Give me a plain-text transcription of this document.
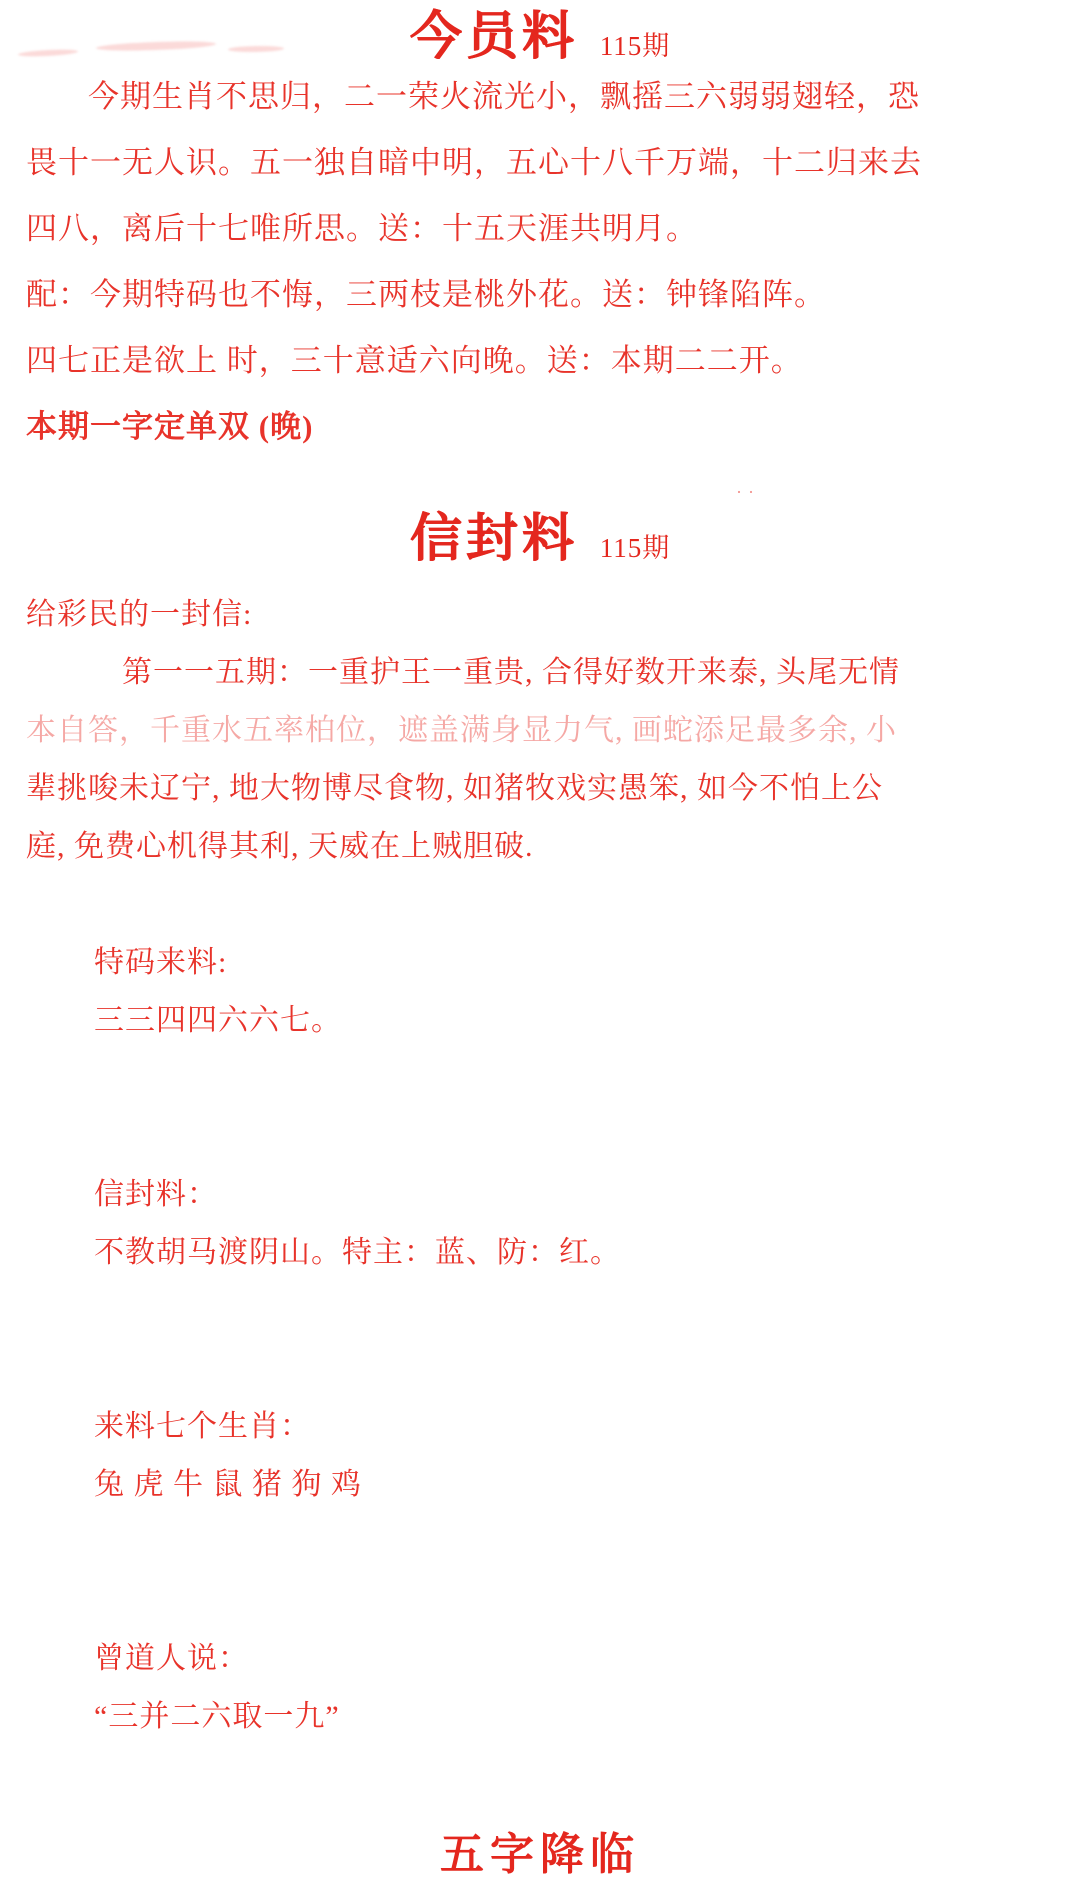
··
今员料 115期
今期生肖不思归，二一荣火流光小，飘摇三六弱弱翅轻，恐
畏十一无人识。五一独自暗中明，五心十八千万端，十二归来去
四八，离后十七唯所思。送：十五天涯共明月。
配：今期特码也不悔，三两枝是桃外花。送：钟锋陷阵。
四七正是欲上 时，三十意适六向晚。送：本期二二开。
本期一字定单双 (晚)
信封料 115期
给彩民的一封信:
第一一五期：一重护王一重贵, 合得好数开来泰, 头尾无情
本自答，千重水五率柏位，遮盖满身显力气, 画蛇添足最多余, 小
辈挑唆未辽宁, 地大物博尽食物, 如猪牧戏实愚笨, 如今不怕上公
庭, 免费心机得其利, 天威在上贼胆破.

特码来料:
三三四四六六七。

信封料：
不教胡马渡阴山。特主：蓝、防：红。

来料七个生肖：
兔 虎 牛 鼠 猪 狗 鸡

曾道人说：
“三并二六取一九”

五字降临
